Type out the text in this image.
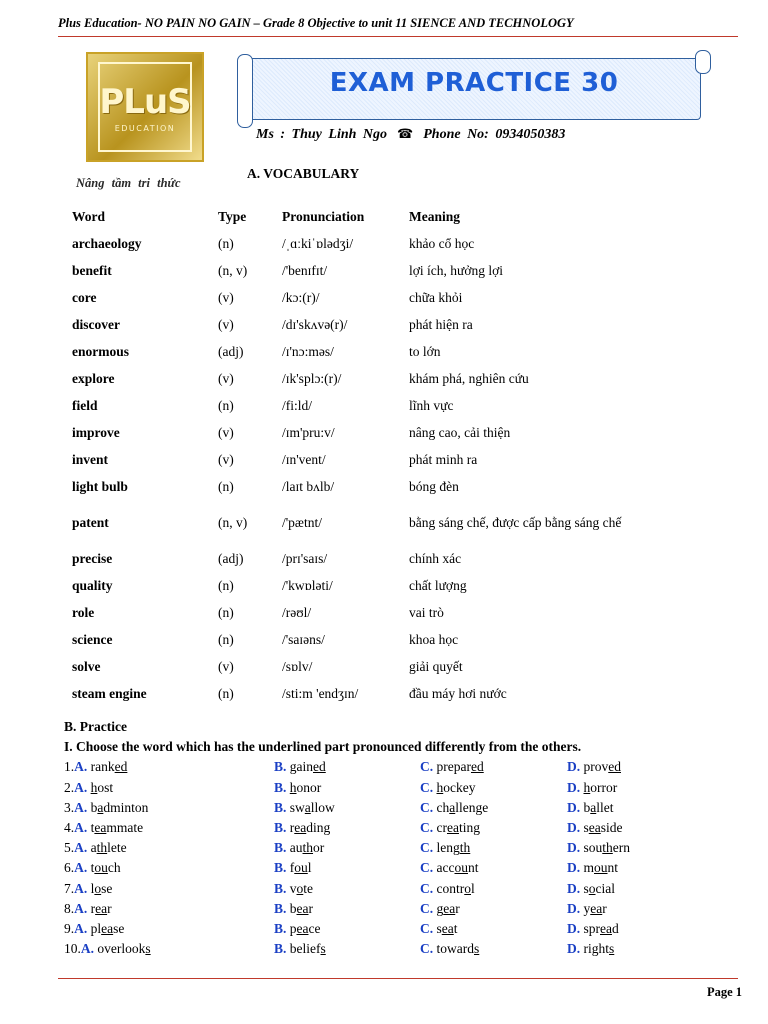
Plus Education- NO PAIN NO GAIN – Grade 8 Objective to unit 11 SIENCE AND TECHNOLOGY
PLuS
EDUCATION
Nâng tầm tri thức
EXAM PRACTICE 30
Ms : Thuy Linh Ngo ☎ Phone No: 0934050383
A. VOCABULARY
Word	Type	Pronunciation	Meaning
archaeology	(n)	/ˌɑːkiˈɒlədʒi/	khảo cổ học
benefit	(n, v)	/'benɪfɪt/	lợi ích, hưởng lợi
core	(v)	/kɔ:(r)/	chữa khỏi
discover	(v)	/dɪ'skʌvə(r)/	phát hiện ra
enormous	(adj)	/ɪ'nɔ:məs/	to lớn
explore	(v)	/ɪk'splɔ:(r)/	khám phá, nghiên cứu
field	(n)	/fi:ld/	lĩnh vực
improve	(v)	/ɪm'pru:v/	nâng cao, cải thiện
invent	(v)	/ɪn'vent/	phát minh ra
light bulb	(n)	/laɪt bʌlb/	bóng đèn
patent	(n, v)	/'pætnt/	bằng sáng chế, được cấp bằng sáng chế
precise	(adj)	/prɪ'saɪs/	chính xác
quality	(n)	/'kwɒləti/	chất lượng
role	(n)	/rəʊl/	vai trò
science	(n)	/'saɪəns/	khoa học
solve	(v)	/sɒlv/	giải quyết
steam engine	(n)	/sti:m 'endʒɪn/	đầu máy hơi nước
B. Practice
I. Choose the word which has the underlined part pronounced differently from the others.
1.A. ranked	B. gained	C. prepared	D. proved
2.A. host	B. honor	C. hockey	D. horror
3.A. badminton	B. swallow	C. challenge	D. ballet
4.A. teammate	B. reading	C. creating	D. seaside
5.A. athlete	B. author	C. length	D. southern
6.A. touch	B. foul	C. account	D. mount
7.A. lose	B. vote	C. control	D. social
8.A. rear	B. bear	C. gear	D. year
9.A. please	B. peace	C. seat	D. spread
10.A. overlooks	B. beliefs	C. towards	D. rights
Page 1
